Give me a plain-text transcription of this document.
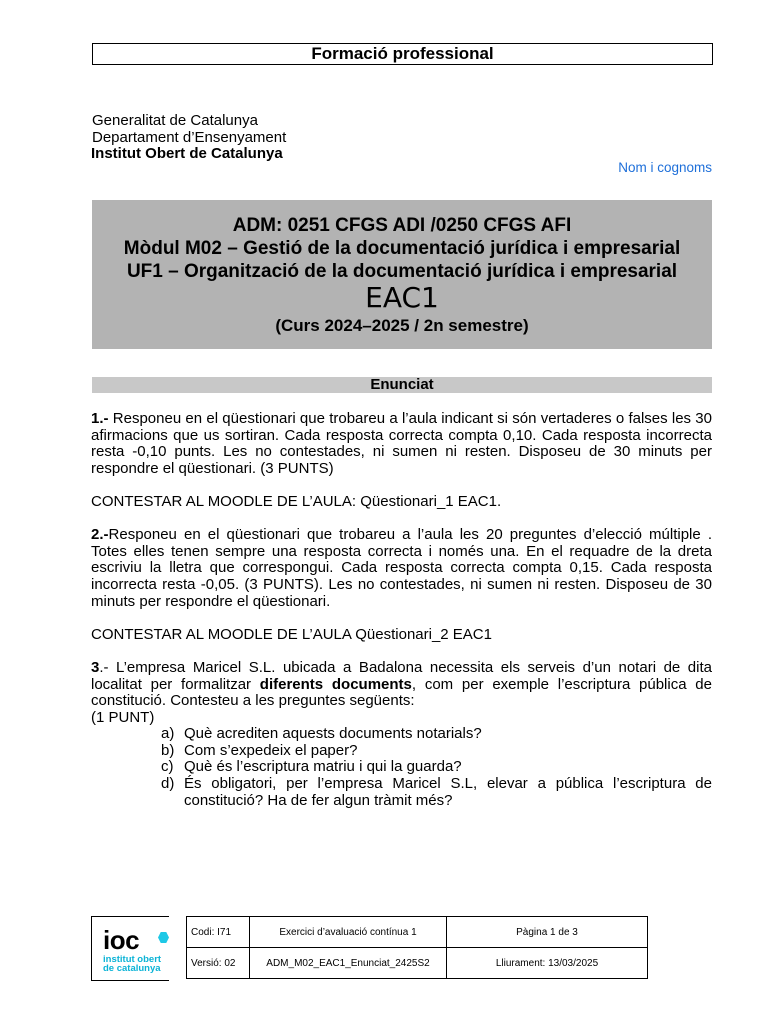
Formació professional
Generalitat de Catalunya
Departament d’Ensenyament
Institut Obert de Catalunya
Nom i cognoms
ADM: 0251 CFGS ADI /0250 CFGS AFI
Mòdul M02 – Gestió de la documentació jurídica i empresarial
UF1 – Organització de la documentació jurídica i empresarial
EAC1
(Curs 2024–2025 / 2n semestre)
Enunciat

1.- Responeu en el qüestionari que trobareu a l’aula indicant si són vertaderes o falses les 30 afirmacions que us sortiran. Cada resposta correcta compta 0,10. Cada resposta incorrecta resta -0,10 punts. Les no contestades, ni sumen ni resten. Disposeu de 30 minuts per respondre el qüestionari. (3 PUNTS)

CONTESTAR AL MOODLE DE L’AULA: Qüestionari_1 EAC1.

2.-Responeu en el qüestionari que trobareu a l’aula les 20 preguntes d’elecció múltiple . Totes elles tenen sempre una resposta correcta i només una. En el requadre de la dreta escriviu la lletra que correspongui. Cada resposta correcta compta 0,15. Cada resposta incorrecta resta -0,05. (3 PUNTS). Les no contestades, ni sumen ni resten. Disposeu de 30 minuts per respondre el qüestionari.

CONTESTAR AL MOODLE DE L’AULA Qüestionari_2 EAC1

3.- L’empresa Maricel S.L. ubicada a Badalona necessita els serveis d’un notari de dita localitat per formalitzar diferents documents, com per exemple l’escriptura pública de constitució. Contesteu a les preguntes següents:

(1 PUNT)
a) Què acrediten aquests documents notarials?
b) Com s’expedeix el paper?
c) Què és l’escriptura matriu i qui la guarda?
d) És obligatori, per l’empresa Maricel S.L, elevar a pública l’escriptura de constitució? Ha de fer algun tràmit més?
ioc
institut obert
de catalunya
Codi: I71	Exercici d’avaluació contínua 1	Pàgina 1 de 3
Versió: 02	ADM_M02_EAC1_Enunciat_2425S2	Lliurament: 13/03/2025
